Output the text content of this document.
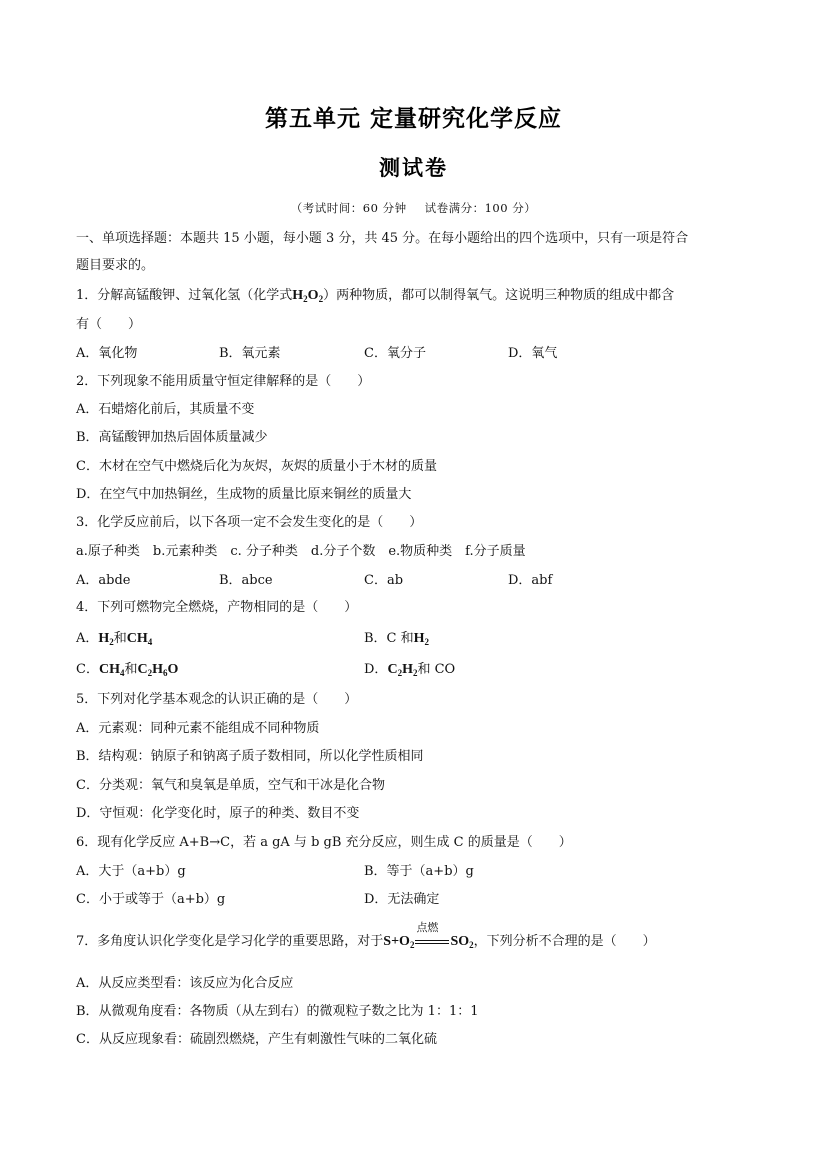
第五单元 定量研究化学反应
测试卷
（考试时间：60 分钟 试卷满分：100 分）
一、单项选择题：本题共 15 小题，每小题 3 分，共 45 分。在每小题给出的四个选项中，只有一项是符合
题目要求的。
1．分解高锰酸钾、过氧化氢（化学式$H_2O_2$）两种物质，都可以制得氧气。这说明三种物质的组成中都含
有（　　）
A．氧化物	B．氧元素	C．氧分子	D．氧气
2．下列现象不能用质量守恒定律解释的是（　　）
A．石蜡熔化前后，其质量不变
B．高锰酸钾加热后固体质量减少
C．木材在空气中燃烧后化为灰烬，灰烬的质量小于木材的质量
D．在空气中加热铜丝，生成物的质量比原来铜丝的质量大
3．化学反应前后，以下各项一定不会发生变化的是（　　）
a.原子种类　b.元素种类　c. 分子种类　d.分子个数　e.物质种类　f.分子质量
A．abde	B．abce	C．ab	D．abf
4．下列可燃物完全燃烧，产物相同的是（　　）
A．$H_2$和$CH_4$	B．C 和$H_2$
C．$CH_4$和$C_2H_6O$	D．$C_2H_2$和 CO
5．下列对化学基本观念的认识正确的是（　　）
A．元素观：同种元素不能组成不同种物质
B．结构观：钠原子和钠离子质子数相同，所以化学性质相同
C．分类观：氧气和臭氧是单质，空气和干冰是化合物
D．守恒观：化学变化时，原子的种类、数目不变
6．现有化学反应 A+B→C，若 a gA 与 b gB 充分反应，则生成 C 的质量是（　　）
A．大于（a+b）g	B．等于（a+b）g
C．小于或等于（a+b）g	D．无法确定
7．多角度认识化学变化是学习化学的重要思路，对于$S+O_2$
点燃
$SO_2$，下列分析不合理的是（　　）
A．从反应类型看：该反应为化合反应
B．从微观角度看：各物质（从左到右）的微观粒子数之比为 1：1：1
C．从反应现象看：硫剧烈燃烧，产生有刺激性气味的二氧化硫
